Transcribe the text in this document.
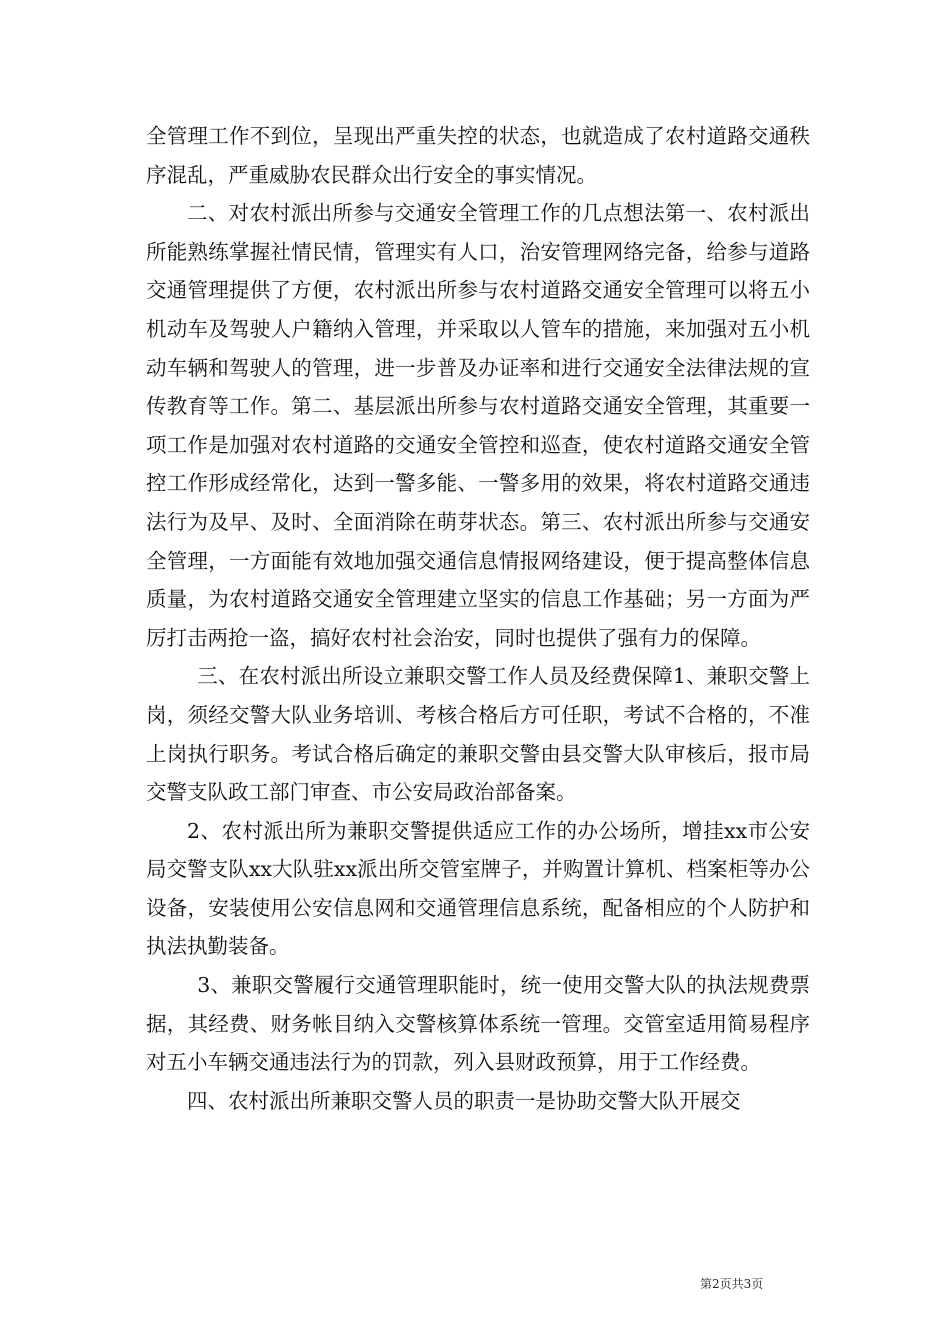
全管理工作不到位，呈现出严重失控的状态，也就造成了农村道路交通秩序混乱，严重威胁农民群众出行安全的事实情况。

二、对农村派出所参与交通安全管理工作的几点想法第一、农村派出所能熟练掌握社情民情，管理实有人口，治安管理网络完备，给参与道路交通管理提供了方便，农村派出所参与农村道路交通安全管理可以将五小机动车及驾驶人户籍纳入管理，并采取以人管车的措施，来加强对五小机动车辆和驾驶人的管理，进一步普及办证率和进行交通安全法律法规的宣传教育等工作。第二、基层派出所参与农村道路交通安全管理，其重要一项工作是加强对农村道路的交通安全管控和巡查，使农村道路交通安全管控工作形成经常化，达到一警多能、一警多用的效果，将农村道路交通违法行为及早、及时、全面消除在萌芽状态。第三、农村派出所参与交通安全管理，一方面能有效地加强交通信息情报网络建设，便于提高整体信息质量，为农村道路交通安全管理建立坚实的信息工作基础；另一方面为严厉打击两抢一盗，搞好农村社会治安，同时也提供了强有力的保障。

三、在农村派出所设立兼职交警工作人员及经费保障1、兼职交警上岗，须经交警大队业务培训、考核合格后方可任职，考试不合格的，不准上岗执行职务。考试合格后确定的兼职交警由县交警大队审核后，报市局交警支队政工部门审查、市公安局政治部备案。

2、农村派出所为兼职交警提供适应工作的办公场所，增挂xx市公安局交警支队xx大队驻xx派出所交管室牌子，并购置计算机、档案柜等办公设备，安装使用公安信息网和交通管理信息系统，配备相应的个人防护和执法执勤装备。

3、兼职交警履行交通管理职能时，统一使用交警大队的执法规费票据，其经费、财务帐目纳入交警核算体系统一管理。交管室适用简易程序对五小车辆交通违法行为的罚款，列入县财政预算，用于工作经费。

四、农村派出所兼职交警人员的职责一是协助交警大队开展交

第2页共3页
